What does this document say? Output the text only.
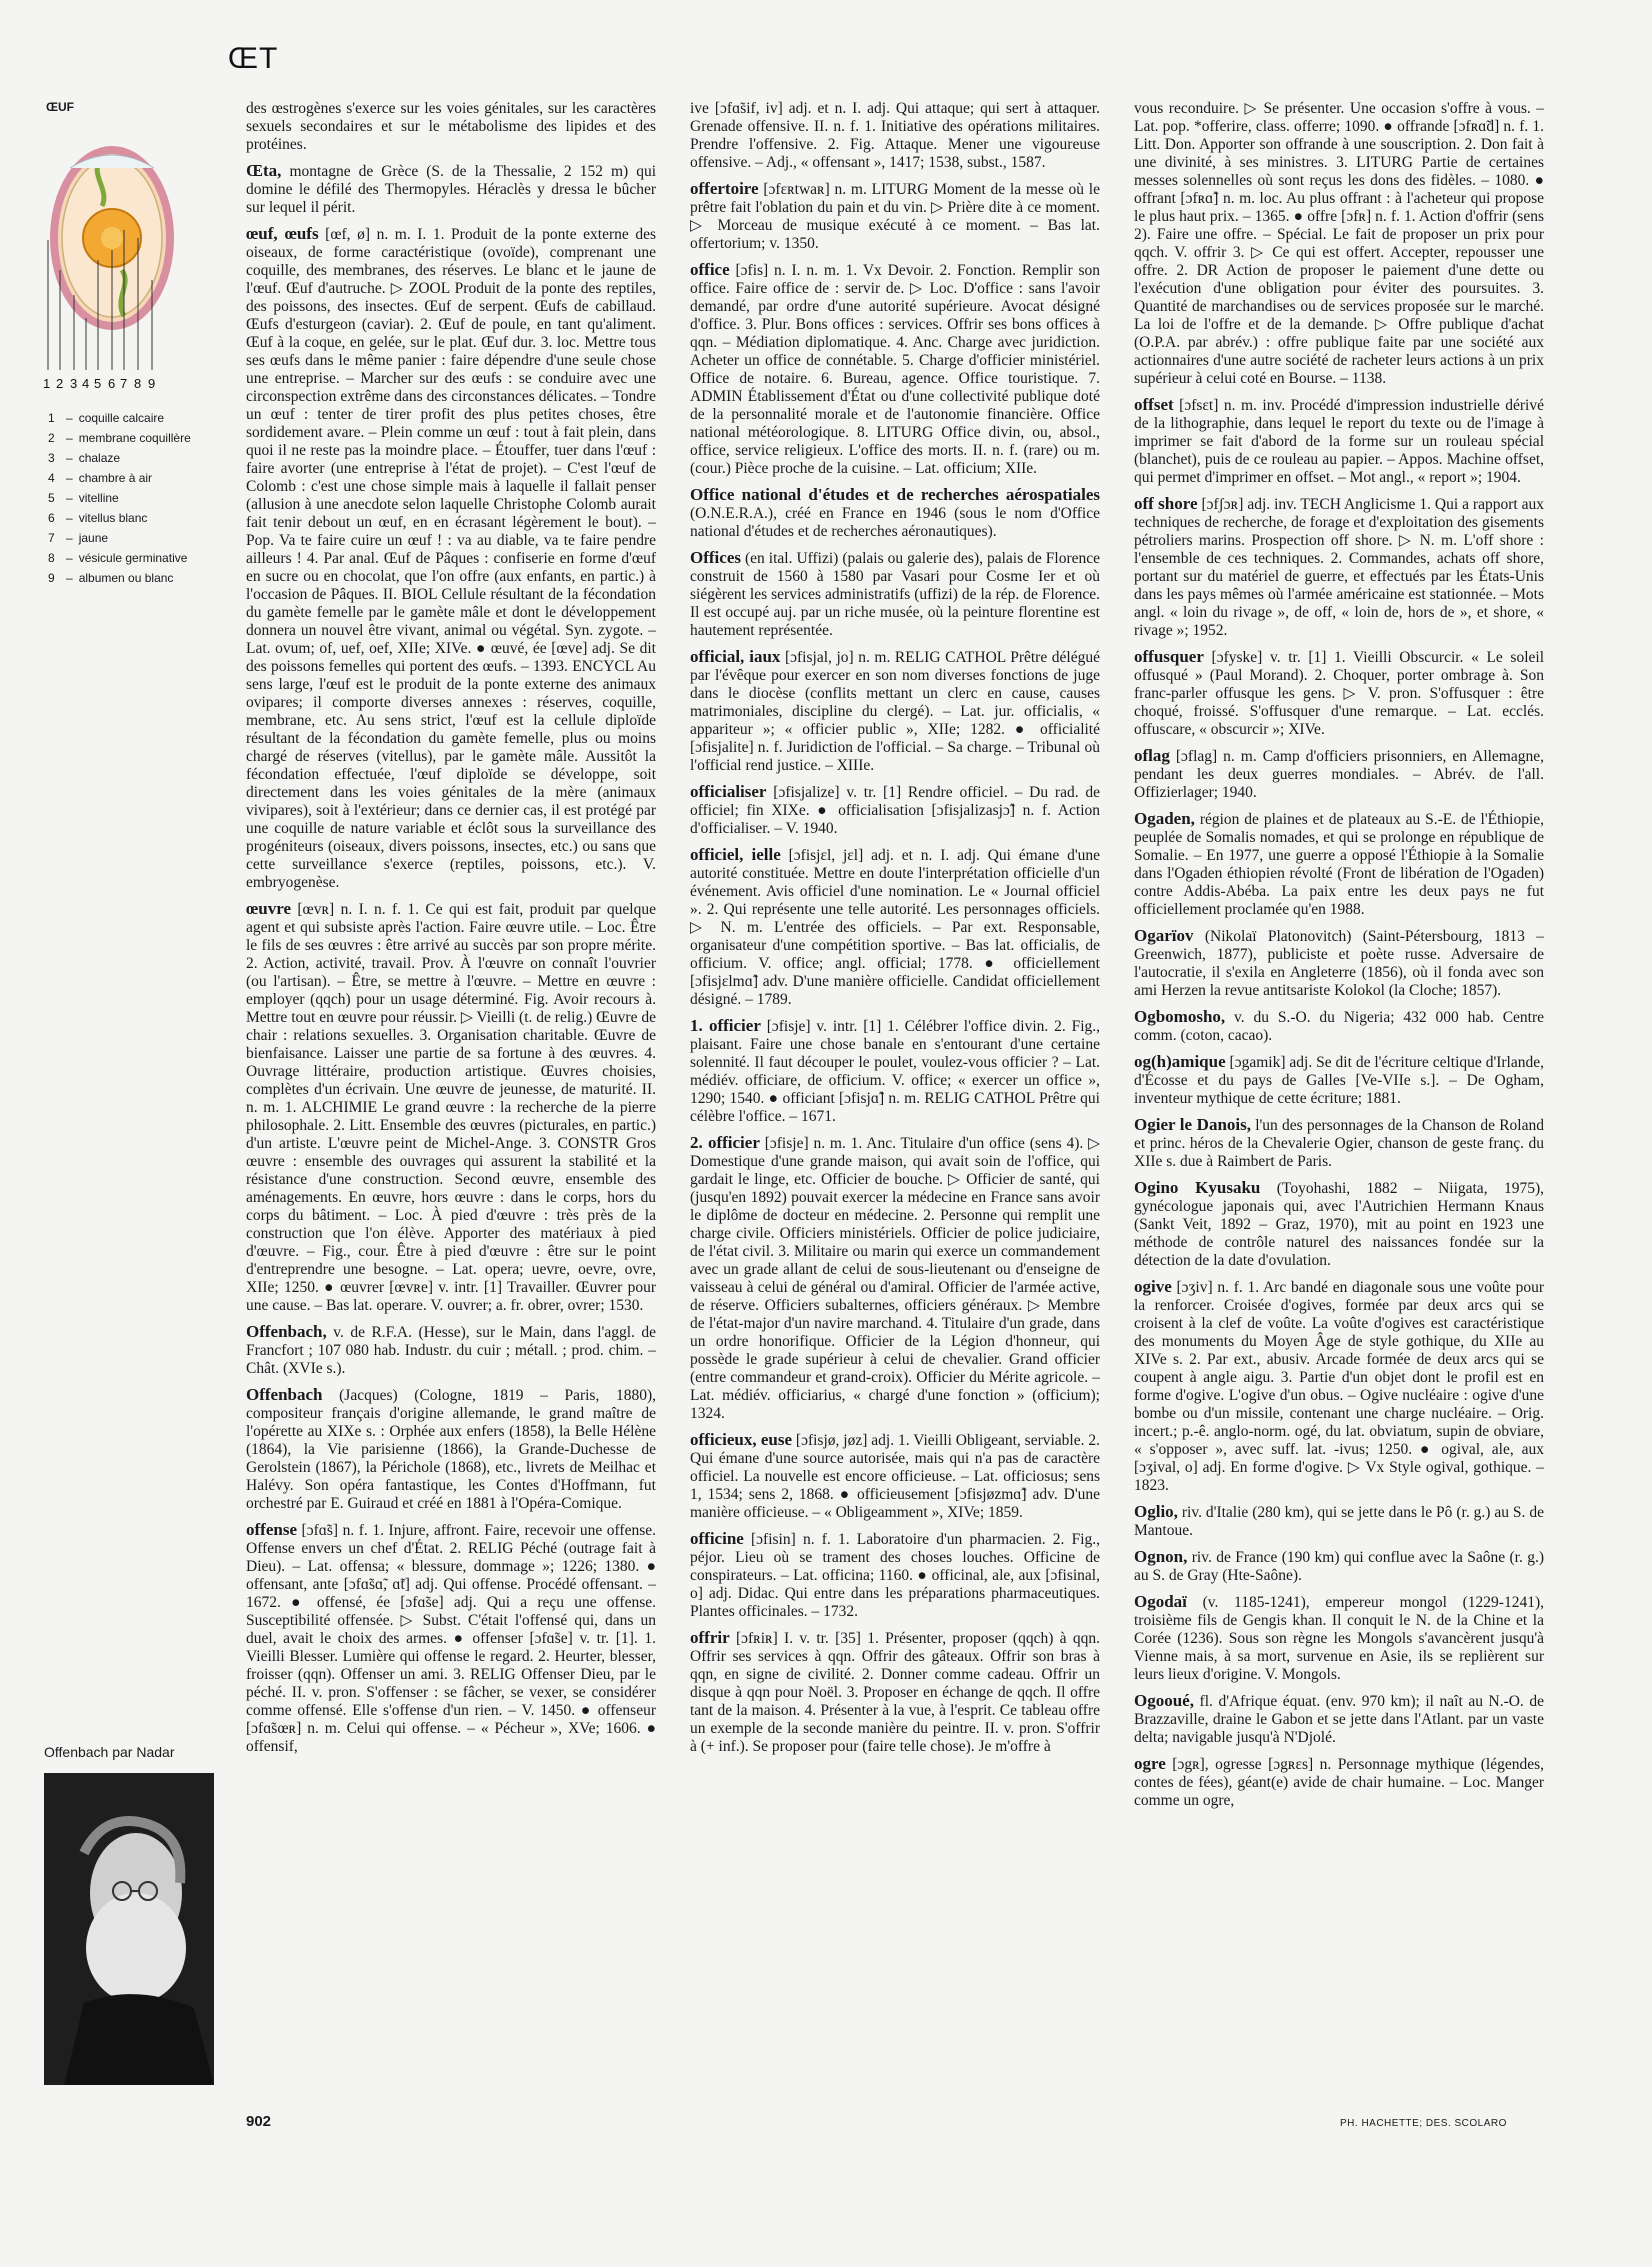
ŒT
ŒUF
1 2 3 4 5 6 7 8 9
1 – coquille calcaire
2 – membrane coquillère
3 – chalaze
4 – chambre à air
5 – vitelline
6 – vitellus blanc
7 – jaune
8 – vésicule germinative
9 – albumen ou blanc
Offenbach par Nadar

des œstrogènes s'exerce sur les voies génitales, sur les caractères sexuels secondaires et sur le métabolisme des lipides et des protéines.

Œta, montagne de Grèce (S. de la Thessalie, 2 152 m) qui domine le défilé des Thermopyles. Héraclès y dressa le bûcher sur lequel il périt.

œuf, œufs [œf, ø] n. m. I. 1. Produit de la ponte externe des oiseaux, de forme caractéristique (ovoïde), comprenant une coquille, des membranes, des réserves. Le blanc et le jaune de l'œuf. Œuf d'autruche. ▷ ZOOL Produit de la ponte des reptiles, des poissons, des insectes. Œuf de serpent. Œufs de cabillaud. Œufs d'esturgeon (caviar). 2. Œuf de poule, en tant qu'aliment. Œuf à la coque, en gelée, sur le plat. Œuf dur. 3. loc. Mettre tous ses œufs dans le même panier : faire dépendre d'une seule chose une entreprise. – Marcher sur des œufs : se conduire avec une circonspection extrême dans des circonstances délicates. – Tondre un œuf : tenter de tirer profit des plus petites choses, être sordidement avare. – Plein comme un œuf : tout à fait plein, dans quoi il ne reste pas la moindre place. – Étouffer, tuer dans l'œuf : faire avorter (une entreprise à l'état de projet). – C'est l'œuf de Colomb : c'est une chose simple mais à laquelle il fallait penser (allusion à une anecdote selon laquelle Christophe Colomb aurait fait tenir debout un œuf, en en écrasant légèrement le bout). – Pop. Va te faire cuire un œuf ! : va au diable, va te faire pendre ailleurs ! 4. Par anal. Œuf de Pâques : confiserie en forme d'œuf en sucre ou en chocolat, que l'on offre (aux enfants, en partic.) à l'occasion de Pâques. II. BIOL Cellule résultant de la fécondation du gamète femelle par le gamète mâle et dont le développement donnera un nouvel être vivant, animal ou végétal. Syn. zygote. – Lat. ovum; of, uef, oef, XIIe; XIVe. ● œuvé, ée [œve] adj. Se dit des poissons femelles qui portent des œufs. – 1393. ENCYCL Au sens large, l'œuf est le produit de la ponte externe des animaux ovipares; il comporte diverses annexes : réserves, coquille, membrane, etc. Au sens strict, l'œuf est la cellule diploïde résultant de la fécondation du gamète femelle, plus ou moins chargé de réserves (vitellus), par le gamète mâle. Aussitôt la fécondation effectuée, l'œuf diploïde se développe, soit directement dans les voies génitales de la mère (animaux vivipares), soit à l'extérieur; dans ce dernier cas, il est protégé par une coquille de nature variable et éclôt sous la surveillance des progéniteurs (oiseaux, divers poissons, insectes, etc.) ou sans que cette surveillance s'exerce (reptiles, poissons, etc.). V. embryogenèse.

œuvre [œvʀ] n. I. n. f. 1. Ce qui est fait, produit par quelque agent et qui subsiste après l'action. Faire œuvre utile. – Loc. Être le fils de ses œuvres : être arrivé au succès par son propre mérite. 2. Action, activité, travail. Prov. À l'œuvre on connaît l'ouvrier (ou l'artisan). – Être, se mettre à l'œuvre. – Mettre en œuvre : employer (qqch) pour un usage déterminé. Fig. Avoir recours à. Mettre tout en œuvre pour réussir. ▷ Vieilli (t. de relig.) Œuvre de chair : relations sexuelles. 3. Organisation charitable. Œuvre de bienfaisance. Laisser une partie de sa fortune à des œuvres. 4. Ouvrage littéraire, production artistique. Œuvres choisies, complètes d'un écrivain. Une œuvre de jeunesse, de maturité. II. n. m. 1. ALCHIMIE Le grand œuvre : la recherche de la pierre philosophale. 2. Litt. Ensemble des œuvres (picturales, en partic.) d'un artiste. L'œuvre peint de Michel-Ange. 3. CONSTR Gros œuvre : ensemble des ouvrages qui assurent la stabilité et la résistance d'une construction. Second œuvre, ensemble des aménagements. En œuvre, hors œuvre : dans le corps, hors du corps du bâtiment. – Loc. À pied d'œuvre : très près de la construction que l'on élève. Apporter des matériaux à pied d'œuvre. – Fig., cour. Être à pied d'œuvre : être sur le point d'entreprendre une besogne. – Lat. opera; uevre, oevre, ovre, XIIe; 1250. ● œuvrer [œvʀe] v. intr. [1] Travailler. Œuvrer pour une cause. – Bas lat. operare. V. ouvrer; a. fr. obrer, ovrer; 1530.

Offenbach, v. de R.F.A. (Hesse), sur le Main, dans l'aggl. de Francfort ; 107 080 hab. Industr. du cuir ; métall. ; prod. chim. – Chât. (XVIe s.).

Offenbach (Jacques) (Cologne, 1819 – Paris, 1880), compositeur français d'origine allemande, le grand maître de l'opérette au XIXe s. : Orphée aux enfers (1858), la Belle Hélène (1864), la Vie parisienne (1866), la Grande-Duchesse de Gerolstein (1867), la Périchole (1868), etc., livrets de Meilhac et Halévy. Son opéra fantastique, les Contes d'Hoffmann, fut orchestré par E. Guiraud et créé en 1881 à l'Opéra-Comique.

offense [ɔfɑ̃s] n. f. 1. Injure, affront. Faire, recevoir une offense. Offense envers un chef d'État. 2. RELIG Péché (outrage fait à Dieu). – Lat. offensa; « blessure, dommage »; 1226; 1380. ● offensant, ante [ɔfɑ̃sɑ̃, ɑ̃t] adj. Qui offense. Procédé offensant. – 1672. ● offensé, ée [ɔfɑ̃se] adj. Qui a reçu une offense. Susceptibilité offensée. ▷ Subst. C'était l'offensé qui, dans un duel, avait le choix des armes. ● offenser [ɔfɑ̃se] v. tr. [1]. 1. Vieilli Blesser. Lumière qui offense le regard. 2. Heurter, blesser, froisser (qqn). Offenser un ami. 3. RELIG Offenser Dieu, par le péché. II. v. pron. S'offenser : se fâcher, se vexer, se considérer comme offensé. Elle s'offense d'un rien. – V. 1450. ● offenseur [ɔfɑ̃sœʀ] n. m. Celui qui offense. – « Pécheur », XVe; 1606. ● offensif,

ive [ɔfɑ̃sif, iv] adj. et n. I. adj. Qui attaque; qui sert à attaquer. Grenade offensive. II. n. f. 1. Initiative des opérations militaires. Prendre l'offensive. 2. Fig. Attaque. Mener une vigoureuse offensive. – Adj., « offensant », 1417; 1538, subst., 1587.

offertoire [ɔfɛʀtwaʀ] n. m. LITURG Moment de la messe où le prêtre fait l'oblation du pain et du vin. ▷ Prière dite à ce moment. ▷ Morceau de musique exécuté à ce moment. – Bas lat. offertorium; v. 1350.

office [ɔfis] n. I. n. m. 1. Vx Devoir. 2. Fonction. Remplir son office. Faire office de : servir de. ▷ Loc. D'office : sans l'avoir demandé, par ordre d'une autorité supérieure. Avocat désigné d'office. 3. Plur. Bons offices : services. Offrir ses bons offices à qqn. – Médiation diplomatique. 4. Anc. Charge avec juridiction. Acheter un office de connétable. 5. Charge d'officier ministériel. Office de notaire. 6. Bureau, agence. Office touristique. 7. ADMIN Établissement d'État ou d'une collectivité publique doté de la personnalité morale et de l'autonomie financière. Office national météorologique. 8. LITURG Office divin, ou, absol., office, service religieux. L'office des morts. II. n. f. (rare) ou m. (cour.) Pièce proche de la cuisine. – Lat. officium; XIIe.

Office national d'études et de recherches aérospatiales (O.N.E.R.A.), créé en France en 1946 (sous le nom d'Office national d'études et de recherches aéronautiques).

Offices (en ital. Uffizi) (palais ou galerie des), palais de Florence construit de 1560 à 1580 par Vasari pour Cosme Ier et où siégèrent les services administratifs (uffizi) de la rép. de Florence. Il est occupé auj. par un riche musée, où la peinture florentine est hautement représentée.

official, iaux [ɔfisjal, jo] n. m. RELIG CATHOL Prêtre délégué par l'évêque pour exercer en son nom diverses fonctions de juge dans le diocèse (conflits mettant un clerc en cause, causes matrimoniales, discipline du clergé). – Lat. jur. officialis, « appariteur »; « officier public », XIIe; 1282. ● officialité [ɔfisjalite] n. f. Juridiction de l'official. – Sa charge. – Tribunal où l'official rend justice. – XIIIe.

officialiser [ɔfisjalize] v. tr. [1] Rendre officiel. – Du rad. de officiel; fin XIXe. ● officialisation [ɔfisjalizasjɔ̃] n. f. Action d'officialiser. – V. 1940.

officiel, ielle [ɔfisjɛl, jɛl] adj. et n. I. adj. Qui émane d'une autorité constituée. Mettre en doute l'interprétation officielle d'un événement. Avis officiel d'une nomination. Le « Journal officiel ». 2. Qui représente une telle autorité. Les personnages officiels. ▷ N. m. L'entrée des officiels. – Par ext. Responsable, organisateur d'une compétition sportive. – Bas lat. officialis, de officium. V. office; angl. official; 1778. ● officiellement [ɔfisjɛlmɑ̃] adv. D'une manière officielle. Candidat officiellement désigné. – 1789.

1. officier [ɔfisje] v. intr. [1] 1. Célébrer l'office divin. 2. Fig., plaisant. Faire une chose banale en s'entourant d'une certaine solennité. Il faut découper le poulet, voulez-vous officier ? – Lat. médiév. officiare, de officium. V. office; « exercer un office », 1290; 1540. ● officiant [ɔfisjɑ̃] n. m. RELIG CATHOL Prêtre qui célèbre l'office. – 1671.

2. officier [ɔfisje] n. m. 1. Anc. Titulaire d'un office (sens 4). ▷ Domestique d'une grande maison, qui avait soin de l'office, qui gardait le linge, etc. Officier de bouche. ▷ Officier de santé, qui (jusqu'en 1892) pouvait exercer la médecine en France sans avoir le diplôme de docteur en médecine. 2. Personne qui remplit une charge civile. Officiers ministériels. Officier de police judiciaire, de l'état civil. 3. Militaire ou marin qui exerce un commandement avec un grade allant de celui de sous-lieutenant ou d'enseigne de vaisseau à celui de général ou d'amiral. Officier de l'armée active, de réserve. Officiers subalternes, officiers généraux. ▷ Membre de l'état-major d'un navire marchand. 4. Titulaire d'un grade, dans un ordre honorifique. Officier de la Légion d'honneur, qui possède le grade supérieur à celui de chevalier. Grand officier (entre commandeur et grand-croix). Officier du Mérite agricole. – Lat. médiév. officiarius, « chargé d'une fonction » (officium); 1324.

officieux, euse [ɔfisjø, jøz] adj. 1. Vieilli Obligeant, serviable. 2. Qui émane d'une source autorisée, mais qui n'a pas de caractère officiel. La nouvelle est encore officieuse. – Lat. officiosus; sens 1, 1534; sens 2, 1868. ● officieusement [ɔfisjøzmɑ̃] adv. D'une manière officieuse. – « Obligeamment », XIVe; 1859.

officine [ɔfisin] n. f. 1. Laboratoire d'un pharmacien. 2. Fig., péjor. Lieu où se trament des choses louches. Officine de conspirateurs. – Lat. officina; 1160. ● officinal, ale, aux [ɔfisinal, o] adj. Didac. Qui entre dans les préparations pharmaceutiques. Plantes officinales. – 1732.

offrir [ɔfʀiʀ] I. v. tr. [35] 1. Présenter, proposer (qqch) à qqn. Offrir ses services à qqn. Offrir des gâteaux. Offrir son bras à qqn, en signe de civilité. 2. Donner comme cadeau. Offrir un disque à qqn pour Noël. 3. Proposer en échange de qqch. Il offre tant de la maison. 4. Présenter à la vue, à l'esprit. Ce tableau offre un exemple de la seconde manière du peintre. II. v. pron. S'offrir à (+ inf.). Se proposer pour (faire telle chose). Je m'offre à

vous reconduire. ▷ Se présenter. Une occasion s'offre à vous. – Lat. pop. *offerire, class. offerre; 1090. ● offrande [ɔfʀɑ̃d] n. f. 1. Litt. Don. Apporter son offrande à une souscription. 2. Don fait à une divinité, à ses ministres. 3. LITURG Partie de certaines messes solennelles où sont reçus les dons des fidèles. – 1080. ● offrant [ɔfʀɑ̃] n. m. loc. Au plus offrant : à l'acheteur qui propose le plus haut prix. – 1365. ● offre [ɔfʀ] n. f. 1. Action d'offrir (sens 2). Faire une offre. – Spécial. Le fait de proposer un prix pour qqch. V. offrir 3. ▷ Ce qui est offert. Accepter, repousser une offre. 2. DR Action de proposer le paiement d'une dette ou l'exécution d'une obligation pour éviter des poursuites. 3. Quantité de marchandises ou de services proposée sur le marché. La loi de l'offre et de la demande. ▷ Offre publique d'achat (O.P.A. par abrév.) : offre publique faite par une société aux actionnaires d'une autre société de racheter leurs actions à un prix supérieur à celui coté en Bourse. – 1138.

offset [ɔfsɛt] n. m. inv. Procédé d'impression industrielle dérivé de la lithographie, dans lequel le report du texte ou de l'image à imprimer se fait d'abord de la forme sur un rouleau spécial (blanchet), puis de ce rouleau au papier. – Appos. Machine offset, qui permet d'imprimer en offset. – Mot angl., « report »; 1904.

off shore [ɔfʃɔʀ] adj. inv. TECH Anglicisme 1. Qui a rapport aux techniques de recherche, de forage et d'exploitation des gisements pétroliers marins. Prospection off shore. ▷ N. m. L'off shore : l'ensemble de ces techniques. 2. Commandes, achats off shore, portant sur du matériel de guerre, et effectués par les États-Unis dans les pays mêmes où l'armée américaine est stationnée. – Mots angl. « loin du rivage », de off, « loin de, hors de », et shore, « rivage »; 1952.

offusquer [ɔfyske] v. tr. [1] 1. Vieilli Obscurcir. « Le soleil offusqué » (Paul Morand). 2. Choquer, porter ombrage à. Son franc-parler offusque les gens. ▷ V. pron. S'offusquer : être choqué, froissé. S'offusquer d'une remarque. – Lat. ecclés. offuscare, « obscurcir »; XIVe.

oflag [ɔflag] n. m. Camp d'officiers prisonniers, en Allemagne, pendant les deux guerres mondiales. – Abrév. de l'all. Offizierlager; 1940.

Ogaden, région de plaines et de plateaux au S.-E. de l'Éthiopie, peuplée de Somalis nomades, et qui se prolonge en république de Somalie. – En 1977, une guerre a opposé l'Éthiopie à la Somalie dans l'Ogaden éthiopien révolté (Front de libération de l'Ogaden) contre Addis-Abéba. La paix entre les deux pays ne fut officiellement proclamée qu'en 1988.

Ogarïov (Nikolaï Platonovitch) (Saint-Pétersbourg, 1813 – Greenwich, 1877), publiciste et poète russe. Adversaire de l'autocratie, il s'exila en Angleterre (1856), où il fonda avec son ami Herzen la revue antitsariste Kolokol (la Cloche; 1857).

Ogbomosho, v. du S.-O. du Nigeria; 432 000 hab. Centre comm. (coton, cacao).

og(h)amique [ɔgamik] adj. Se dit de l'écriture celtique d'Irlande, d'Écosse et du pays de Galles [Ve-VIIe s.]. – De Ogham, inventeur mythique de cette écriture; 1881.

Ogier le Danois, l'un des personnages de la Chanson de Roland et princ. héros de la Chevalerie Ogier, chanson de geste franç. du XIIe s. due à Raimbert de Paris.

Ogino Kyusaku (Toyohashi, 1882 – Niigata, 1975), gynécologue japonais qui, avec l'Autrichien Hermann Knaus (Sankt Veit, 1892 – Graz, 1970), mit au point en 1923 une méthode de contrôle naturel des naissances fondée sur la détection de la date d'ovulation.

ogive [ɔʒiv] n. f. 1. Arc bandé en diagonale sous une voûte pour la renforcer. Croisée d'ogives, formée par deux arcs qui se croisent à la clef de voûte. La voûte d'ogives est caractéristique des monuments du Moyen Âge de style gothique, du XIIe au XIVe s. 2. Par ext., abusiv. Arcade formée de deux arcs qui se coupent à angle aigu. 3. Partie d'un objet dont le profil est en forme d'ogive. L'ogive d'un obus. – Ogive nucléaire : ogive d'une bombe ou d'un missile, contenant une charge nucléaire. – Orig. incert.; p.-ê. anglo-norm. ogé, du lat. obviatum, supin de obviare, « s'opposer », avec suff. lat. -ivus; 1250. ● ogival, ale, aux [ɔʒival, o] adj. En forme d'ogive. ▷ Vx Style ogival, gothique. – 1823.

Oglio, riv. d'Italie (280 km), qui se jette dans le Pô (r. g.) au S. de Mantoue.

Ognon, riv. de France (190 km) qui conflue avec la Saône (r. g.) au S. de Gray (Hte-Saône).

Ogodaï (v. 1185-1241), empereur mongol (1229-1241), troisième fils de Gengis khan. Il conquit le N. de la Chine et la Corée (1236). Sous son règne les Mongols s'avancèrent jusqu'à Vienne mais, à sa mort, survenue en Asie, ils se replièrent sur leurs lieux d'origine. V. Mongols.

Ogooué, fl. d'Afrique équat. (env. 970 km); il naît au N.-O. de Brazzaville, draine le Gabon et se jette dans l'Atlant. par un vaste delta; navigable jusqu'à N'Djolé.

ogre [ɔgʀ], ogresse [ɔgʀɛs] n. Personnage mythique (légendes, contes de fées), géant(e) avide de chair humaine. – Loc. Manger comme un ogre,

902	PH. HACHETTE; DES. SCOLARO
